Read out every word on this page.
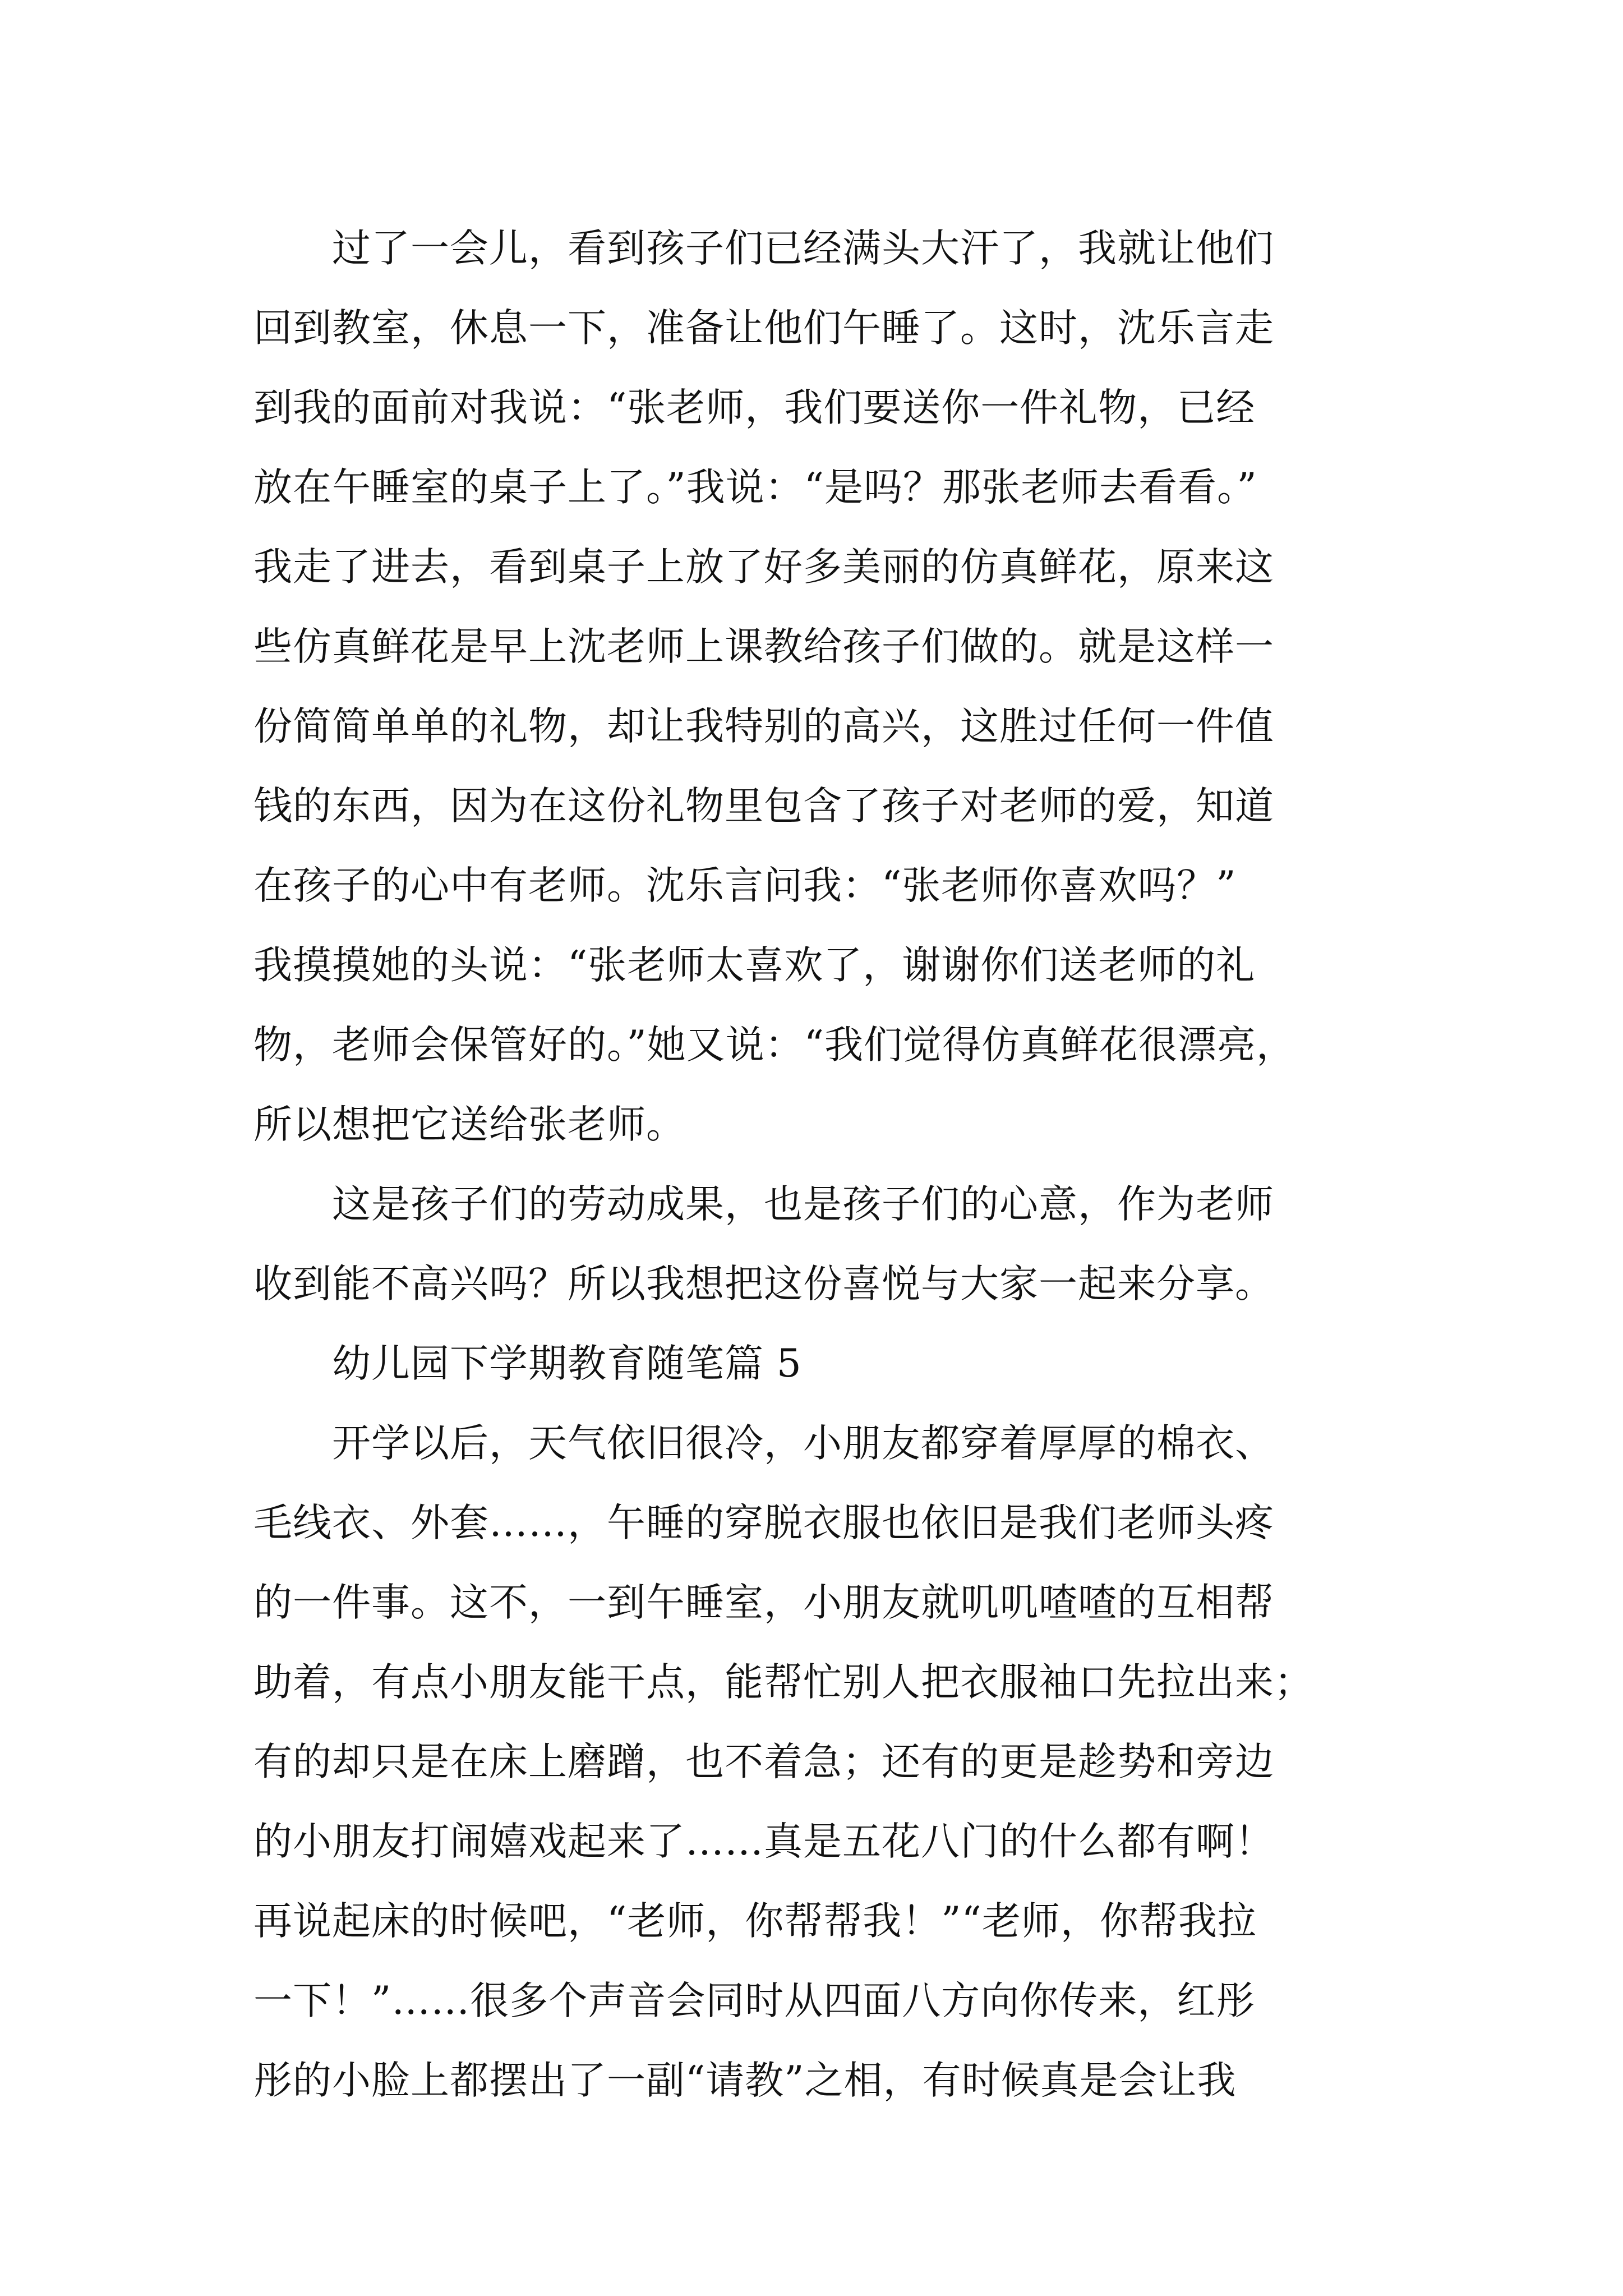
过了一会儿，看到孩子们已经满头大汗了，我就让他们
回到教室，休息一下，准备让他们午睡了。这时，沈乐言走
到我的面前对我说：“张老师，我们要送你一件礼物，已经
放在午睡室的桌子上了。”我说：“是吗？那张老师去看看。”
我走了进去，看到桌子上放了好多美丽的仿真鲜花，原来这
些仿真鲜花是早上沈老师上课教给孩子们做的。就是这样一
份简简单单的礼物，却让我特别的高兴，这胜过任何一件值
钱的东西，因为在这份礼物里包含了孩子对老师的爱，知道
在孩子的心中有老师。沈乐言问我：“张老师你喜欢吗？”
我摸摸她的头说：“张老师太喜欢了，谢谢你们送老师的礼
物，老师会保管好的。”她又说：“我们觉得仿真鲜花很漂亮，
所以想把它送给张老师。
这是孩子们的劳动成果，也是孩子们的心意，作为老师
收到能不高兴吗？所以我想把这份喜悦与大家一起来分享。
幼儿园下学期教育随笔篇 5
开学以后，天气依旧很冷，小朋友都穿着厚厚的棉衣、
毛线衣、外套……，午睡的穿脱衣服也依旧是我们老师头疼
的一件事。这不，一到午睡室，小朋友就叽叽喳喳的互相帮
助着，有点小朋友能干点，能帮忙别人把衣服袖口先拉出来；
有的却只是在床上磨蹭，也不着急；还有的更是趁势和旁边
的小朋友打闹嬉戏起来了……真是五花八门的什么都有啊！
再说起床的时候吧，“老师，你帮帮我！”“老师，你帮我拉
一下！”……很多个声音会同时从四面八方向你传来，红彤
彤的小脸上都摆出了一副“请教”之相，有时候真是会让我
